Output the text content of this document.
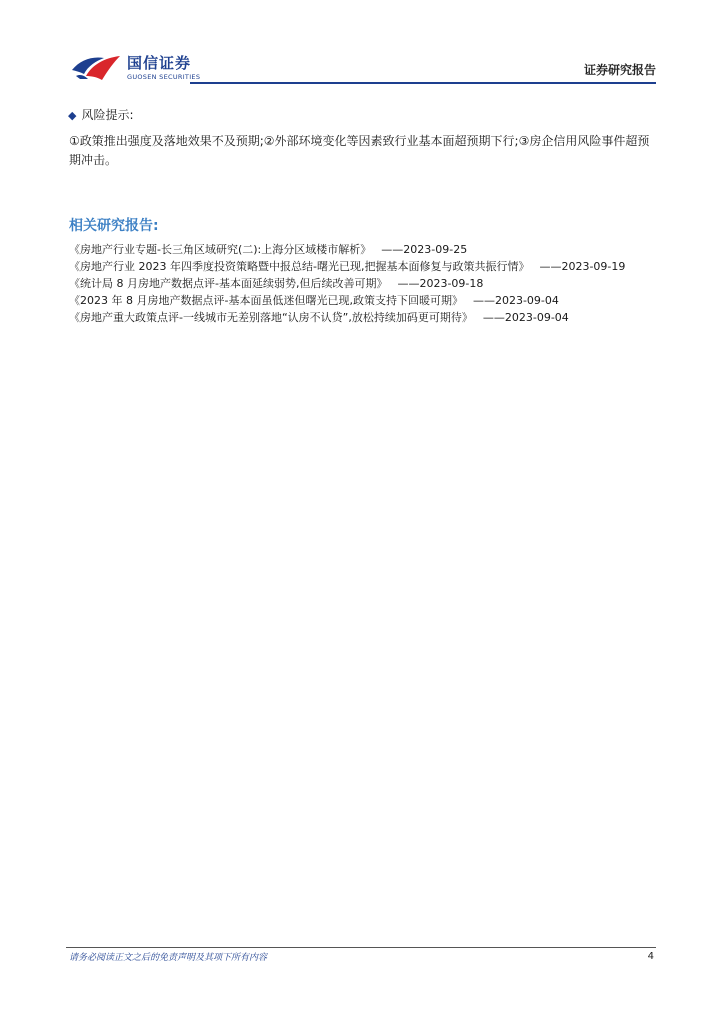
国信证券
GUOSEN SECURITIES	证券研究报告
◆ 风险提示:
①政策推出强度及落地效果不及预期;②外部环境变化等因素致行业基本面超预期下行;③房企信用风险事件超预期冲击。
相关研究报告:
《房地产行业专题-长三角区域研究(二):上海分区域楼市解析》 ——2023-09-25
《房地产行业 2023 年四季度投资策略暨中报总结-曙光已现,把握基本面修复与政策共振行情》 ——2023-09-19
《统计局 8 月房地产数据点评-基本面延续弱势,但后续改善可期》 ——2023-09-18
《2023 年 8 月房地产数据点评-基本面虽低迷但曙光已现,政策支持下回暖可期》 ——2023-09-04
《房地产重大政策点评-一线城市无差别落地“认房不认贷”,放松持续加码更可期待》 ——2023-09-04
请务必阅读正文之后的免责声明及其项下所有内容	4
